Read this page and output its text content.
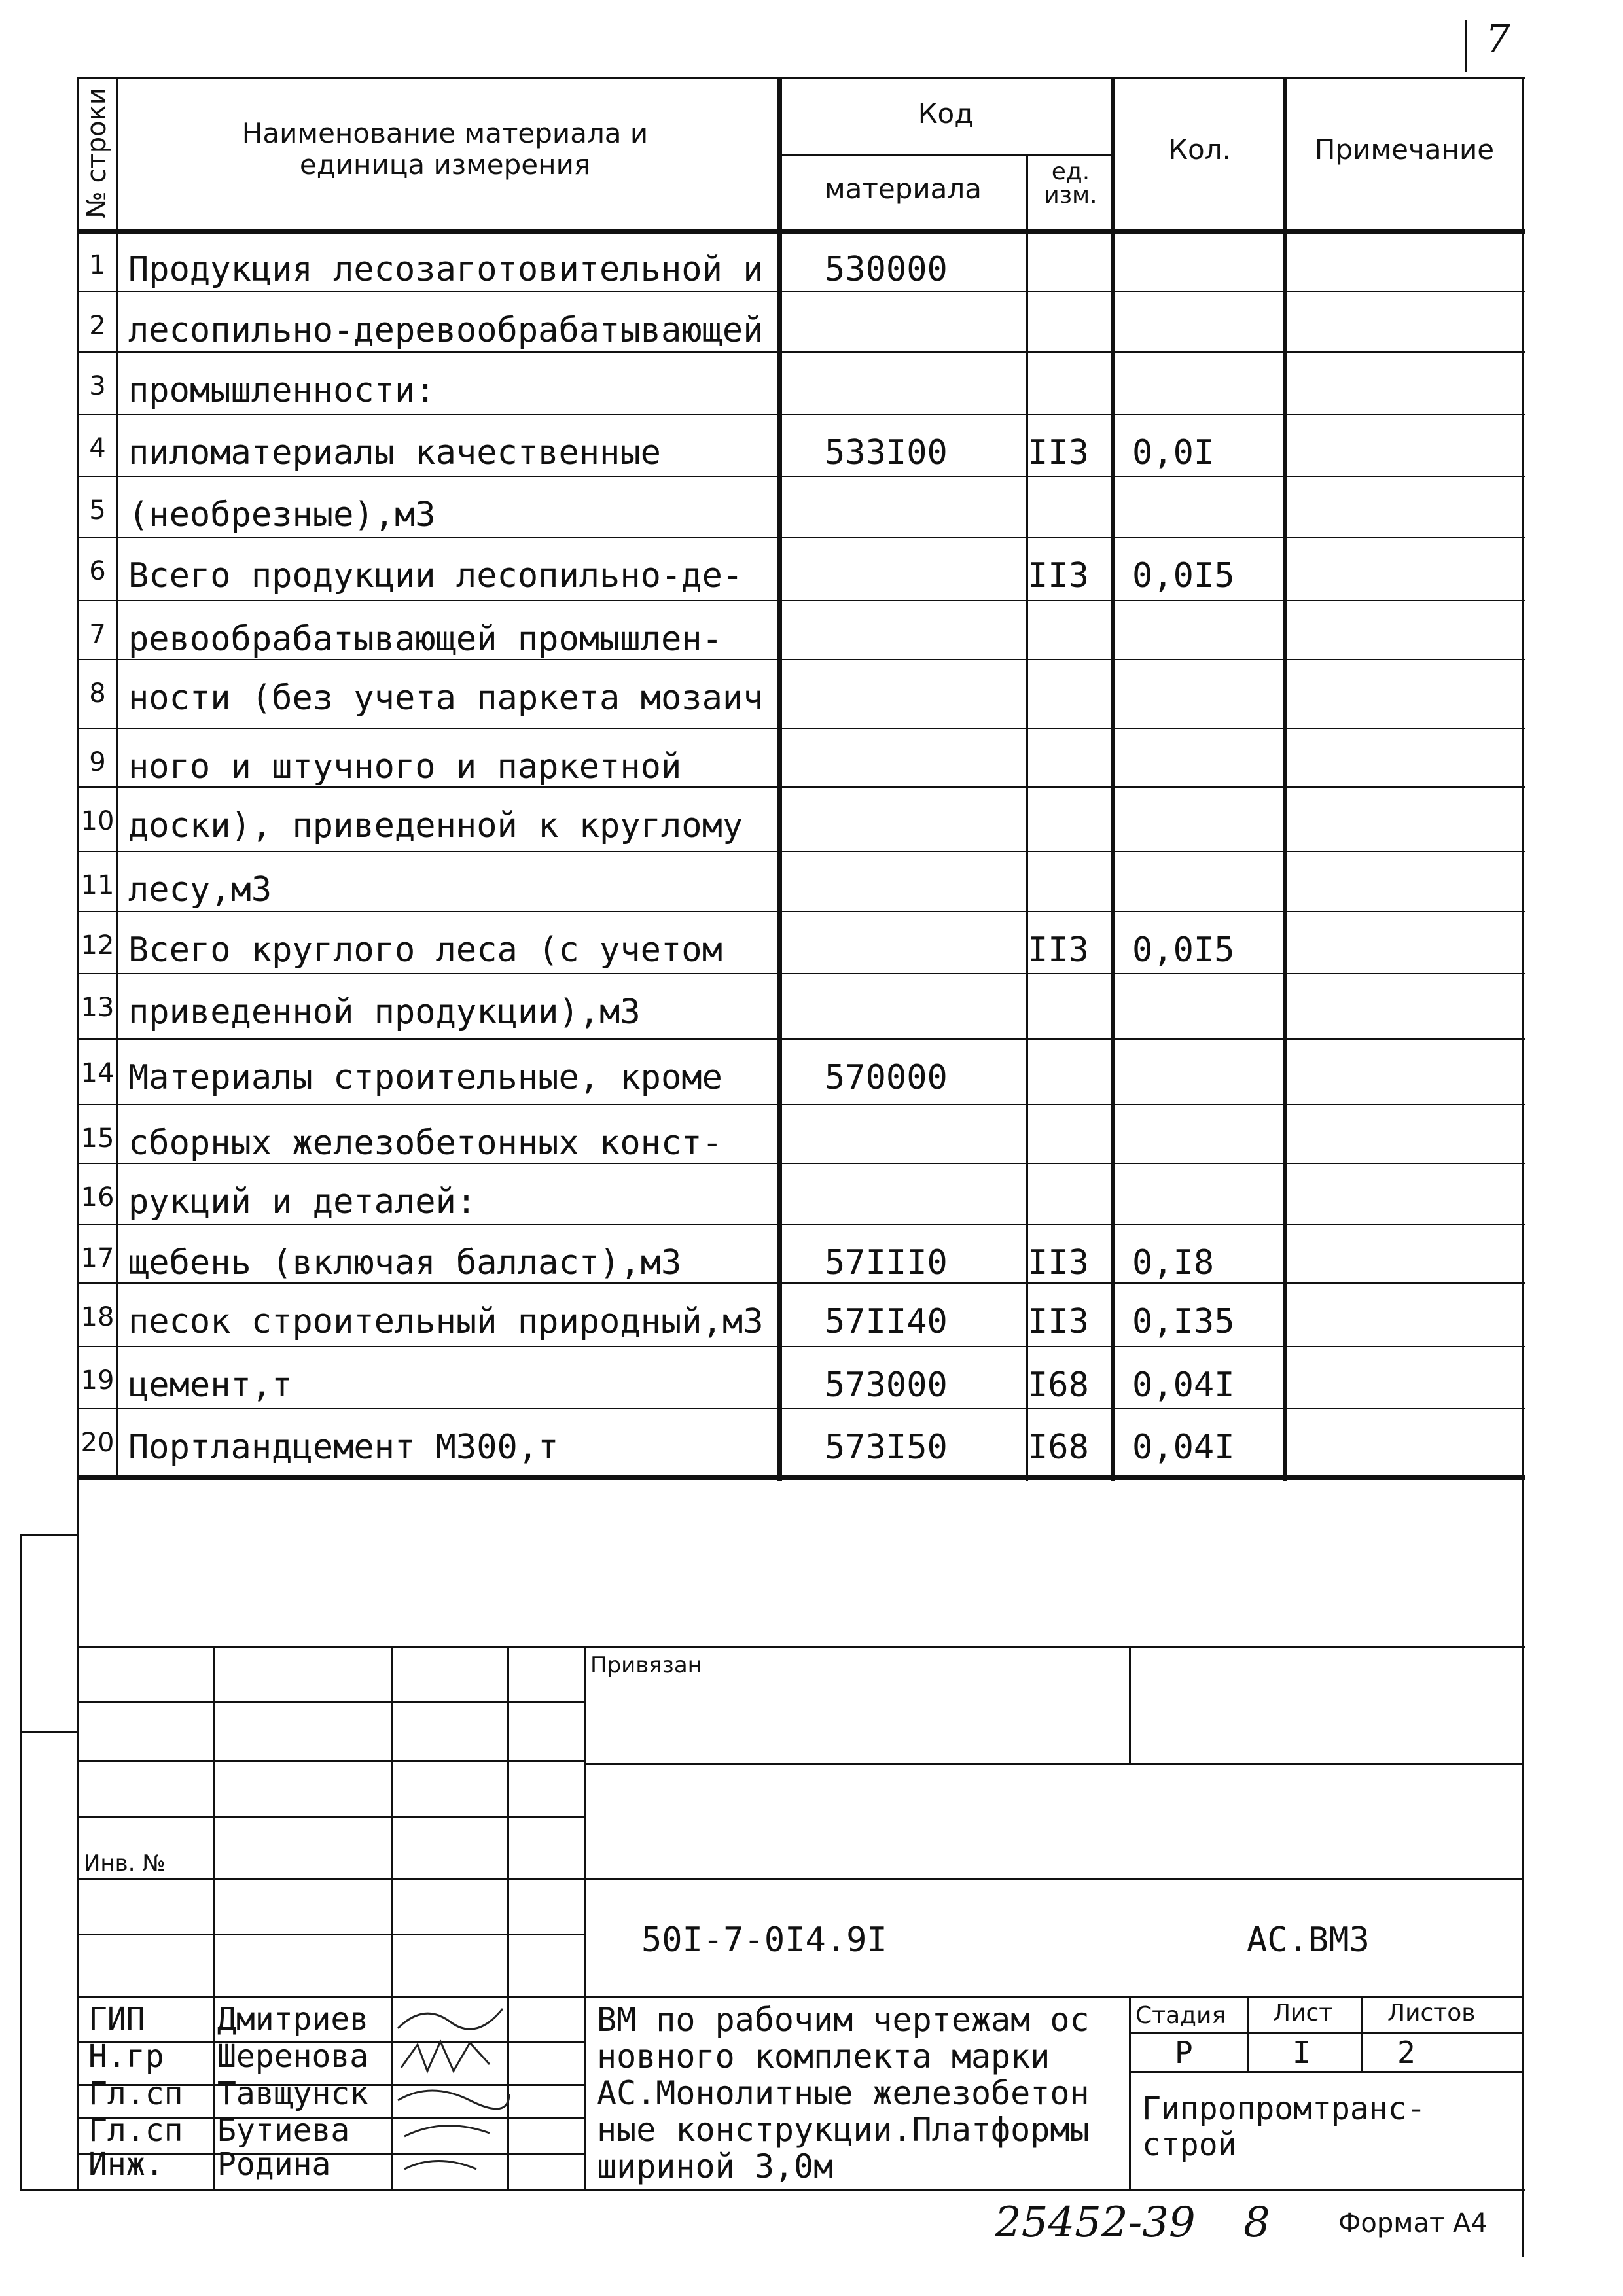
7
№ строки	Наименование материала и единица измерения
Код
материала
ед. изм.
Кол.	Примечание
1 Продукция лесозаготовительной и 530000
2 лесопильно-деревообрабатывающей
3 промышленности:
4 пиломатериалы качественные	533I00 II3 0,0I
5 (необрезные),м3
6 Всего продукции лесопильно-де-	II3 0,0I5
7 ревообрабатывающей промышлен-
8 ности (без учета паркета мозаич
9 ного и штучного и паркетной
10 доски), приведенной к круглому
11 лесу,м3
12 Всего круглого леса (с учетом	II3 0,0I5
13 приведенной продукции),м3
14 Материалы строительные, кроме	570000
15 сборных железобетонных конст-
16 рукций и деталей:
17 щебень (включая балласт),м3	57III0 II3 0,I8
18 песок строительный природный,м3 57II40 II3 0,I35
19 цемент,т	573000 I68 0,04I
20 Портландцемент М300,т	573I50 I68 0,04I
Привязан
Инв. №
50I-7-0I4.9I	АС.ВМЗ
ГИП Дмитриев
Н.гр Шеренова
Гл.сп Тавщунск
Гл.сп Бутиева
Инж. Родина
ВМ по рабочим чертежам ос
новного комплекта марки
АС.Монолитные железобетон
ные конструкции.Платформы
шириной 3,0м
Стадия Лист Листов
Р	I	2
Гипропромтранс-
строй
25452-39 8	Формат А4
